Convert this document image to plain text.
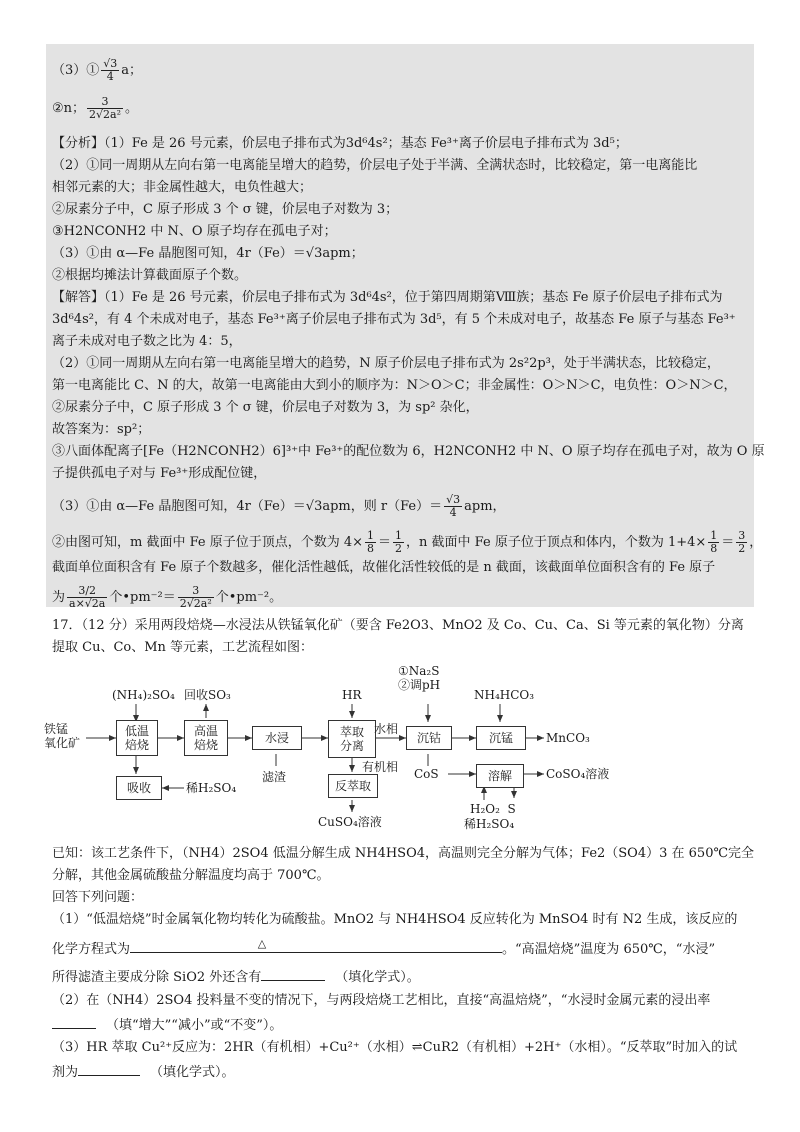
（3）① $\frac{√3}{4}$ a；
②n； $\frac{3}{\text{2√2a²}}$ 。
【分析】（1）Fe 是 26 号元素，价层电子排布式为3d⁶4s²；基态 Fe³⁺离子价层电子排布式为 3d⁵；
（2）①同一周期从左向右第一电离能呈增大的趋势，价层电子处于半满、全满状态时，比较稳定，第一电离能比
相邻元素的大；非金属性越大，电负性越大；
②尿素分子中，C 原子形成 3 个 σ 键，价层电子对数为 3；
③H2NCONH2 中 N、O 原子均存在孤电子对；
（3）①由 α—Fe 晶胞图可知，4r（Fe）＝√3apm；
②根据均摊法计算截面原子个数。
【解答】（1）Fe 是 26 号元素，价层电子排布式为 3d⁶4s²，位于第四周期第Ⅷ族；基态 Fe 原子价层电子排布式为
3d⁶4s²，有 4 个未成对电子，基态 Fe³⁺离子价层电子排布式为 3d⁵，有 5 个未成对电子，故基态 Fe 原子与基态 Fe³⁺
离子未成对电子数之比为 4：5，
（2）①同一周期从左向右第一电离能呈增大的趋势，N 原子价层电子排布式为 2s²2p³，处于半满状态，比较稳定，
第一电离能比 C、N 的大，故第一电离能由大到小的顺序为：N＞O＞C；非金属性：O＞N＞C，电负性：O＞N＞C，
②尿素分子中，C 原子形成 3 个 σ 键，价层电子对数为 3，为 sp² 杂化，
故答案为：sp²；
③八面体配离子[Fe（H2NCONH2）6]³⁺中 Fe³⁺的配位数为 6，H2NCONH2 中 N、O 原子均存在孤电子对，故为 O 原
子提供孤电子对与 Fe³⁺形成配位键，
（3）①由 α—Fe 晶胞图可知，4r（Fe）＝√3apm，则 $r(Fe)= \frac{√3}{4}$ apm，
②由图可知，m 截面中 Fe 原子位于顶点，个数为 $4\times \frac{1}{8} = \frac{1}{2}$ ，n 截面中 Fe 原子位于顶点和体内，个数为 $1+4\times \frac{1}{8} = \frac{3}{2}$ ，
截面单位面积含有 Fe 原子个数越多，催化活性越低，故催化活性较低的是 n 截面，该截面单位面积含有的 Fe 原子
为 $\frac{3/2}{a\times√2a}$ 个•pm⁻²＝ $\frac{3}{\text{2√2a²}}$ 个•pm⁻²。
17．（12 分）采用两段焙烧—水浸法从铁锰氧化矿（要含 Fe2O3、MnO2 及 Co、Cu、Ca、Si 等元素的氧化物）分离
提取 Cu、Co、Mn 等元素，工艺流程如图：
铁锰
氧化矿
(NH₄)₂SO₄ 回收SO₃
低温
焙烧
高温
焙烧	水浸	萃取
分离
沉钴	沉锰
吸收	反萃取
溶解
HR
①Na₂S
②调pH
NH₄HCO₃
水相
有机相
滤渣
稀H₂SO₄
MnCO₃
CoS	CoSO₄溶液
CuSO₄溶液
H₂O₂  S
稀H₂SO₄
已知：该工艺条件下，（NH4）2SO4 低温分解生成 NH4HSO4，高温则完全分解为气体；Fe2（SO4）3 在 650℃完全
分解，其他金属硫酸盐分解温度均高于 700℃。
回答下列问题：
（1）“低温焙烧”时金属氧化物均转化为硫酸盐。MnO2 与 NH4HSO4 反应转化为 MnSO4 时有 N2 生成，该反应的
化学方程式为	△	。“高温焙烧”温度为 650℃，“水浸”
所得滤渣主要成分除 SiO2 外还含有	（填化学式）。
（2）在（NH4）2SO4 投料量不变的情况下，与两段焙烧工艺相比，直接“高温焙烧”，“水浸时金属元素的浸出率
（填“增大”“减小”或“不变”）。
（3）HR 萃取 Cu²⁺反应为：2HR（有机相）+Cu²⁺（水相）⇌CuR2（有机相）+2H⁺（水相）。“反萃取”时加入的试
剂为	（填化学式）。
